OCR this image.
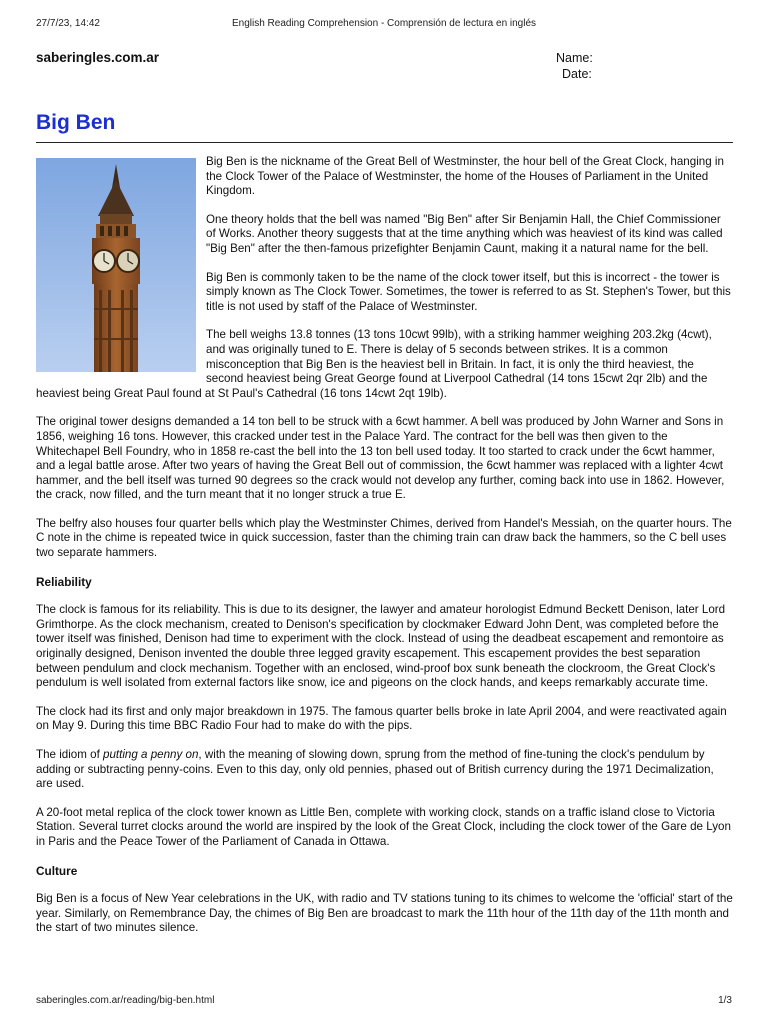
27/7/23, 14:42	English Reading Comprehension - Comprensión de lectura en inglés
saberingles.com.ar	Name:
Date:
Big Ben

Big Ben is the nickname of the Great Bell of Westminster, the hour bell of the Great Clock, hanging in the Clock Tower of the Palace of Westminster, the home of the Houses of Parliament in the United Kingdom.

One theory holds that the bell was named "Big Ben" after Sir Benjamin Hall, the Chief Commissioner of Works. Another theory suggests that at the time anything which was heaviest of its kind was called "Big Ben" after the then-famous prizefighter Benjamin Caunt, making it a natural name for the bell.

Big Ben is commonly taken to be the name of the clock tower itself, but this is incorrect - the tower is simply known as The Clock Tower. Sometimes, the tower is referred to as St. Stephen's Tower, but this title is not used by staff of the Palace of Westminster.

The bell weighs 13.8 tonnes (13 tons 10cwt 99lb), with a striking hammer weighing 203.2kg (4cwt), and was originally tuned to E. There is delay of 5 seconds between strikes. It is a common misconception that Big Ben is the heaviest bell in Britain. In fact, it is only the third heaviest, the second heaviest being Great George found at Liverpool Cathedral (14 tons 15cwt 2qr 2lb) and the heaviest being Great Paul found at St Paul's Cathedral (16 tons 14cwt 2qt 19lb).

The original tower designs demanded a 14 ton bell to be struck with a 6cwt hammer. A bell was produced by John Warner and Sons in 1856, weighing 16 tons. However, this cracked under test in the Palace Yard. The contract for the bell was then given to the Whitechapel Bell Foundry, who in 1858 re-cast the bell into the 13 ton bell used today. It too started to crack under the 6cwt hammer, and a legal battle arose. After two years of having the Great Bell out of commission, the 6cwt hammer was replaced with a lighter 4cwt hammer, and the bell itself was turned 90 degrees so the crack would not develop any further, coming back into use in 1862. However, the crack, now filled, and the turn meant that it no longer struck a true E.

The belfry also houses four quarter bells which play the Westminster Chimes, derived from Handel's Messiah, on the quarter hours. The C note in the chime is repeated twice in quick succession, faster than the chiming train can draw back the hammers, so the C bell uses two separate hammers.

Reliability

The clock is famous for its reliability. This is due to its designer, the lawyer and amateur horologist Edmund Beckett Denison, later Lord Grimthorpe. As the clock mechanism, created to Denison's specification by clockmaker Edward John Dent, was completed before the tower itself was finished, Denison had time to experiment with the clock. Instead of using the deadbeat escapement and remontoire as originally designed, Denison invented the double three legged gravity escapement. This escapement provides the best separation between pendulum and clock mechanism. Together with an enclosed, wind-proof box sunk beneath the clockroom, the Great Clock's pendulum is well isolated from external factors like snow, ice and pigeons on the clock hands, and keeps remarkably accurate time.

The clock had its first and only major breakdown in 1975. The famous quarter bells broke in late April 2004, and were reactivated again on May 9. During this time BBC Radio Four had to make do with the pips.

The idiom of putting a penny on, with the meaning of slowing down, sprung from the method of fine-tuning the clock's pendulum by adding or subtracting penny-coins. Even to this day, only old pennies, phased out of British currency during the 1971 Decimalization, are used.

A 20-foot metal replica of the clock tower known as Little Ben, complete with working clock, stands on a traffic island close to Victoria Station. Several turret clocks around the world are inspired by the look of the Great Clock, including the clock tower of the Gare de Lyon in Paris and the Peace Tower of the Parliament of Canada in Ottawa.

Culture

Big Ben is a focus of New Year celebrations in the UK, with radio and TV stations tuning to its chimes to welcome the 'official' start of the year. Similarly, on Remembrance Day, the chimes of Big Ben are broadcast to mark the 11th hour of the 11th day of the 11th month and the start of two minutes silence.

saberingles.com.ar/reading/big-ben.html	1/3
